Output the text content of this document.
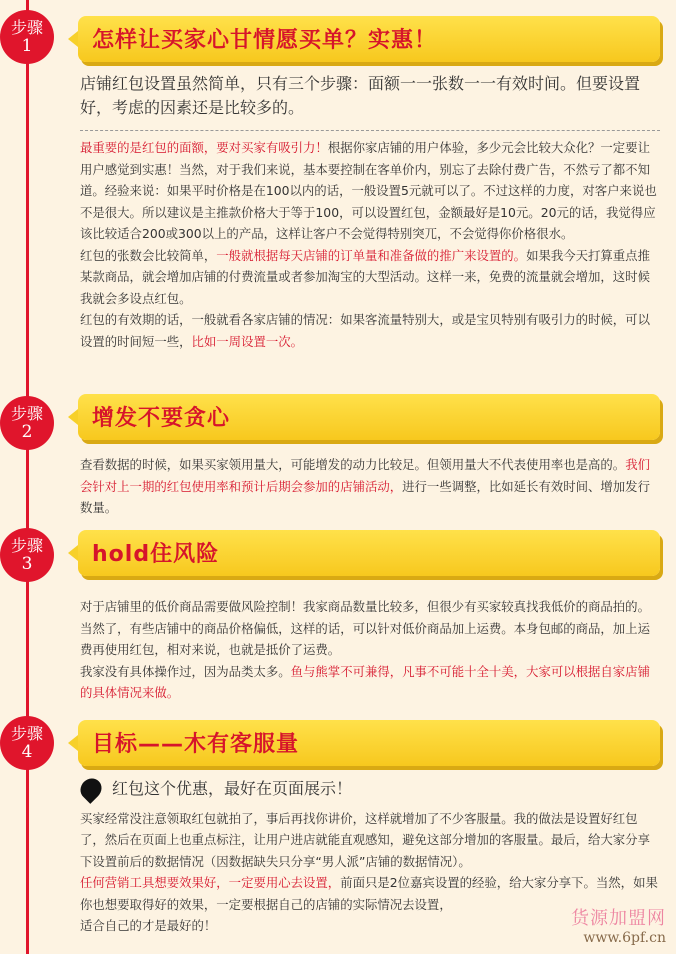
步骤
1	怎样让买家心甘情愿买单？实惠！

店铺红包设置虽然简单，只有三个步骤：面额一一张数一一有效时间。但要设置好，考虑的因素还是比较多的。

最重要的是红包的面额，要对买家有吸引力！根据你家店铺的用户体验，多少元会比较大众化？一定要让用户感觉到实惠！当然，对于我们来说，基本要控制在客单价内，别忘了去除付费广告，不然亏了都不知道。经验来说：如果平时价格是在100以内的话，一般设置5元就可以了。不过这样的力度，对客户来说也不是很大。所以建议是主推款价格大于等于100，可以设置红包，金额最好是10元。20元的话，我觉得应该比较适合200或300以上的产品，这样让客户不会觉得特别突兀，不会觉得你价格很水。

红包的张数会比较简单，一般就根据每天店铺的订单量和准备做的推广来设置的。如果我今天打算重点推某款商品，就会增加店铺的付费流量或者参加淘宝的大型活动。这样一来，免费的流量就会增加，这时候我就会多设点红包。

红包的有效期的话，一般就看各家店铺的情况：如果客流量特别大，或是宝贝特别有吸引力的时候，可以设置的时间短一些，比如一周设置一次。

步骤
2
增发不要贪心

查看数据的时候，如果买家领用量大，可能增发的动力比较足。但领用量大不代表使用率也是高的。我们会针对上一期的红包使用率和预计后期会参加的店铺活动，进行一些调整，比如延长有效时间、增加发行数量。

步骤
3	hold住风险

对于店铺里的低价商品需要做风险控制！我家商品数量比较多，但很少有买家较真找我低价的商品拍的。当然了，有些店铺中的商品价格偏低，这样的话，可以针对低价商品加上运费。本身包邮的商品，加上运费再使用红包，相对来说，也就是抵价了运费。

我家没有具体操作过，因为品类太多。鱼与熊掌不可兼得，凡事不可能十全十美，大家可以根据自家店铺的具体情况来做。

步骤
4	目标——木有客服量
红包这个优惠，最好在页面展示！

买家经常没注意领取红包就拍了，事后再找你讲价，这样就增加了不少客服量。我的做法是设置好红包了，然后在页面上也重点标注，让用户进店就能直观感知，避免这部分增加的客服量。最后，给大家分享下设置前后的数据情况（因数据缺失只分享“男人派”店铺的数据情况）。

任何营销工具想要效果好，一定要用心去设置，前面只是2位嘉宾设置的经验，给大家分享下。当然，如果你也想要取得好的效果，一定要根据自己的店铺的实际情况去设置，

适合自己的才是最好的！	货源加盟网
www.6pf.cn
